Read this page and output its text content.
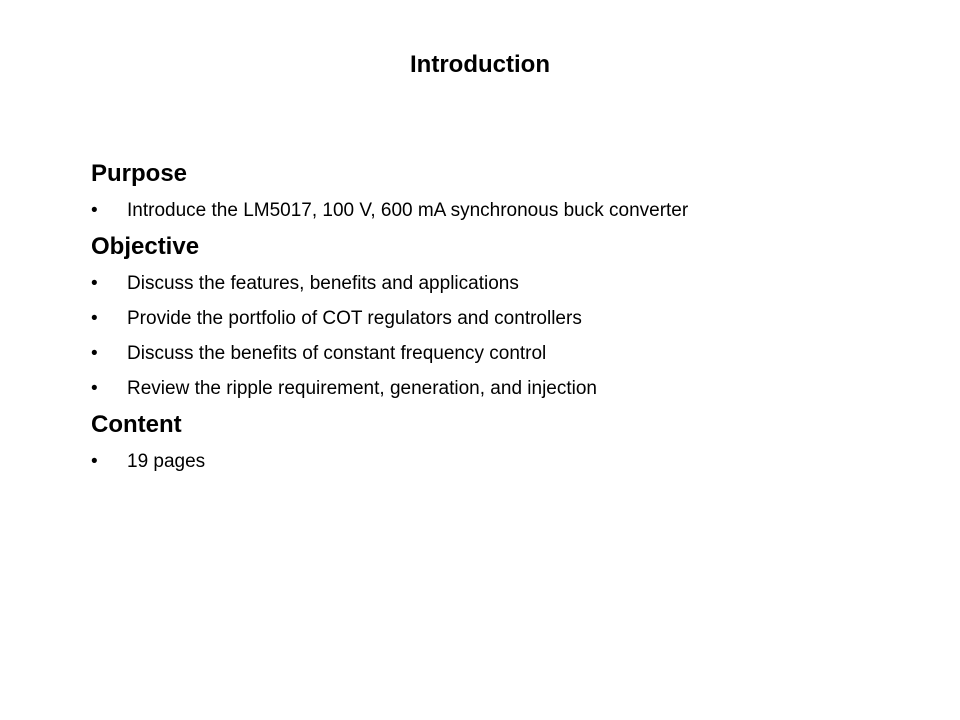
Introduction
Purpose
• Introduce the LM5017, 100 V, 600 mA synchronous buck converter
Objective
• Discuss the features, benefits and applications
• Provide the portfolio of COT regulators and controllers
• Discuss the benefits of constant frequency control
• Review the ripple requirement, generation, and injection
Content
• 19 pages
